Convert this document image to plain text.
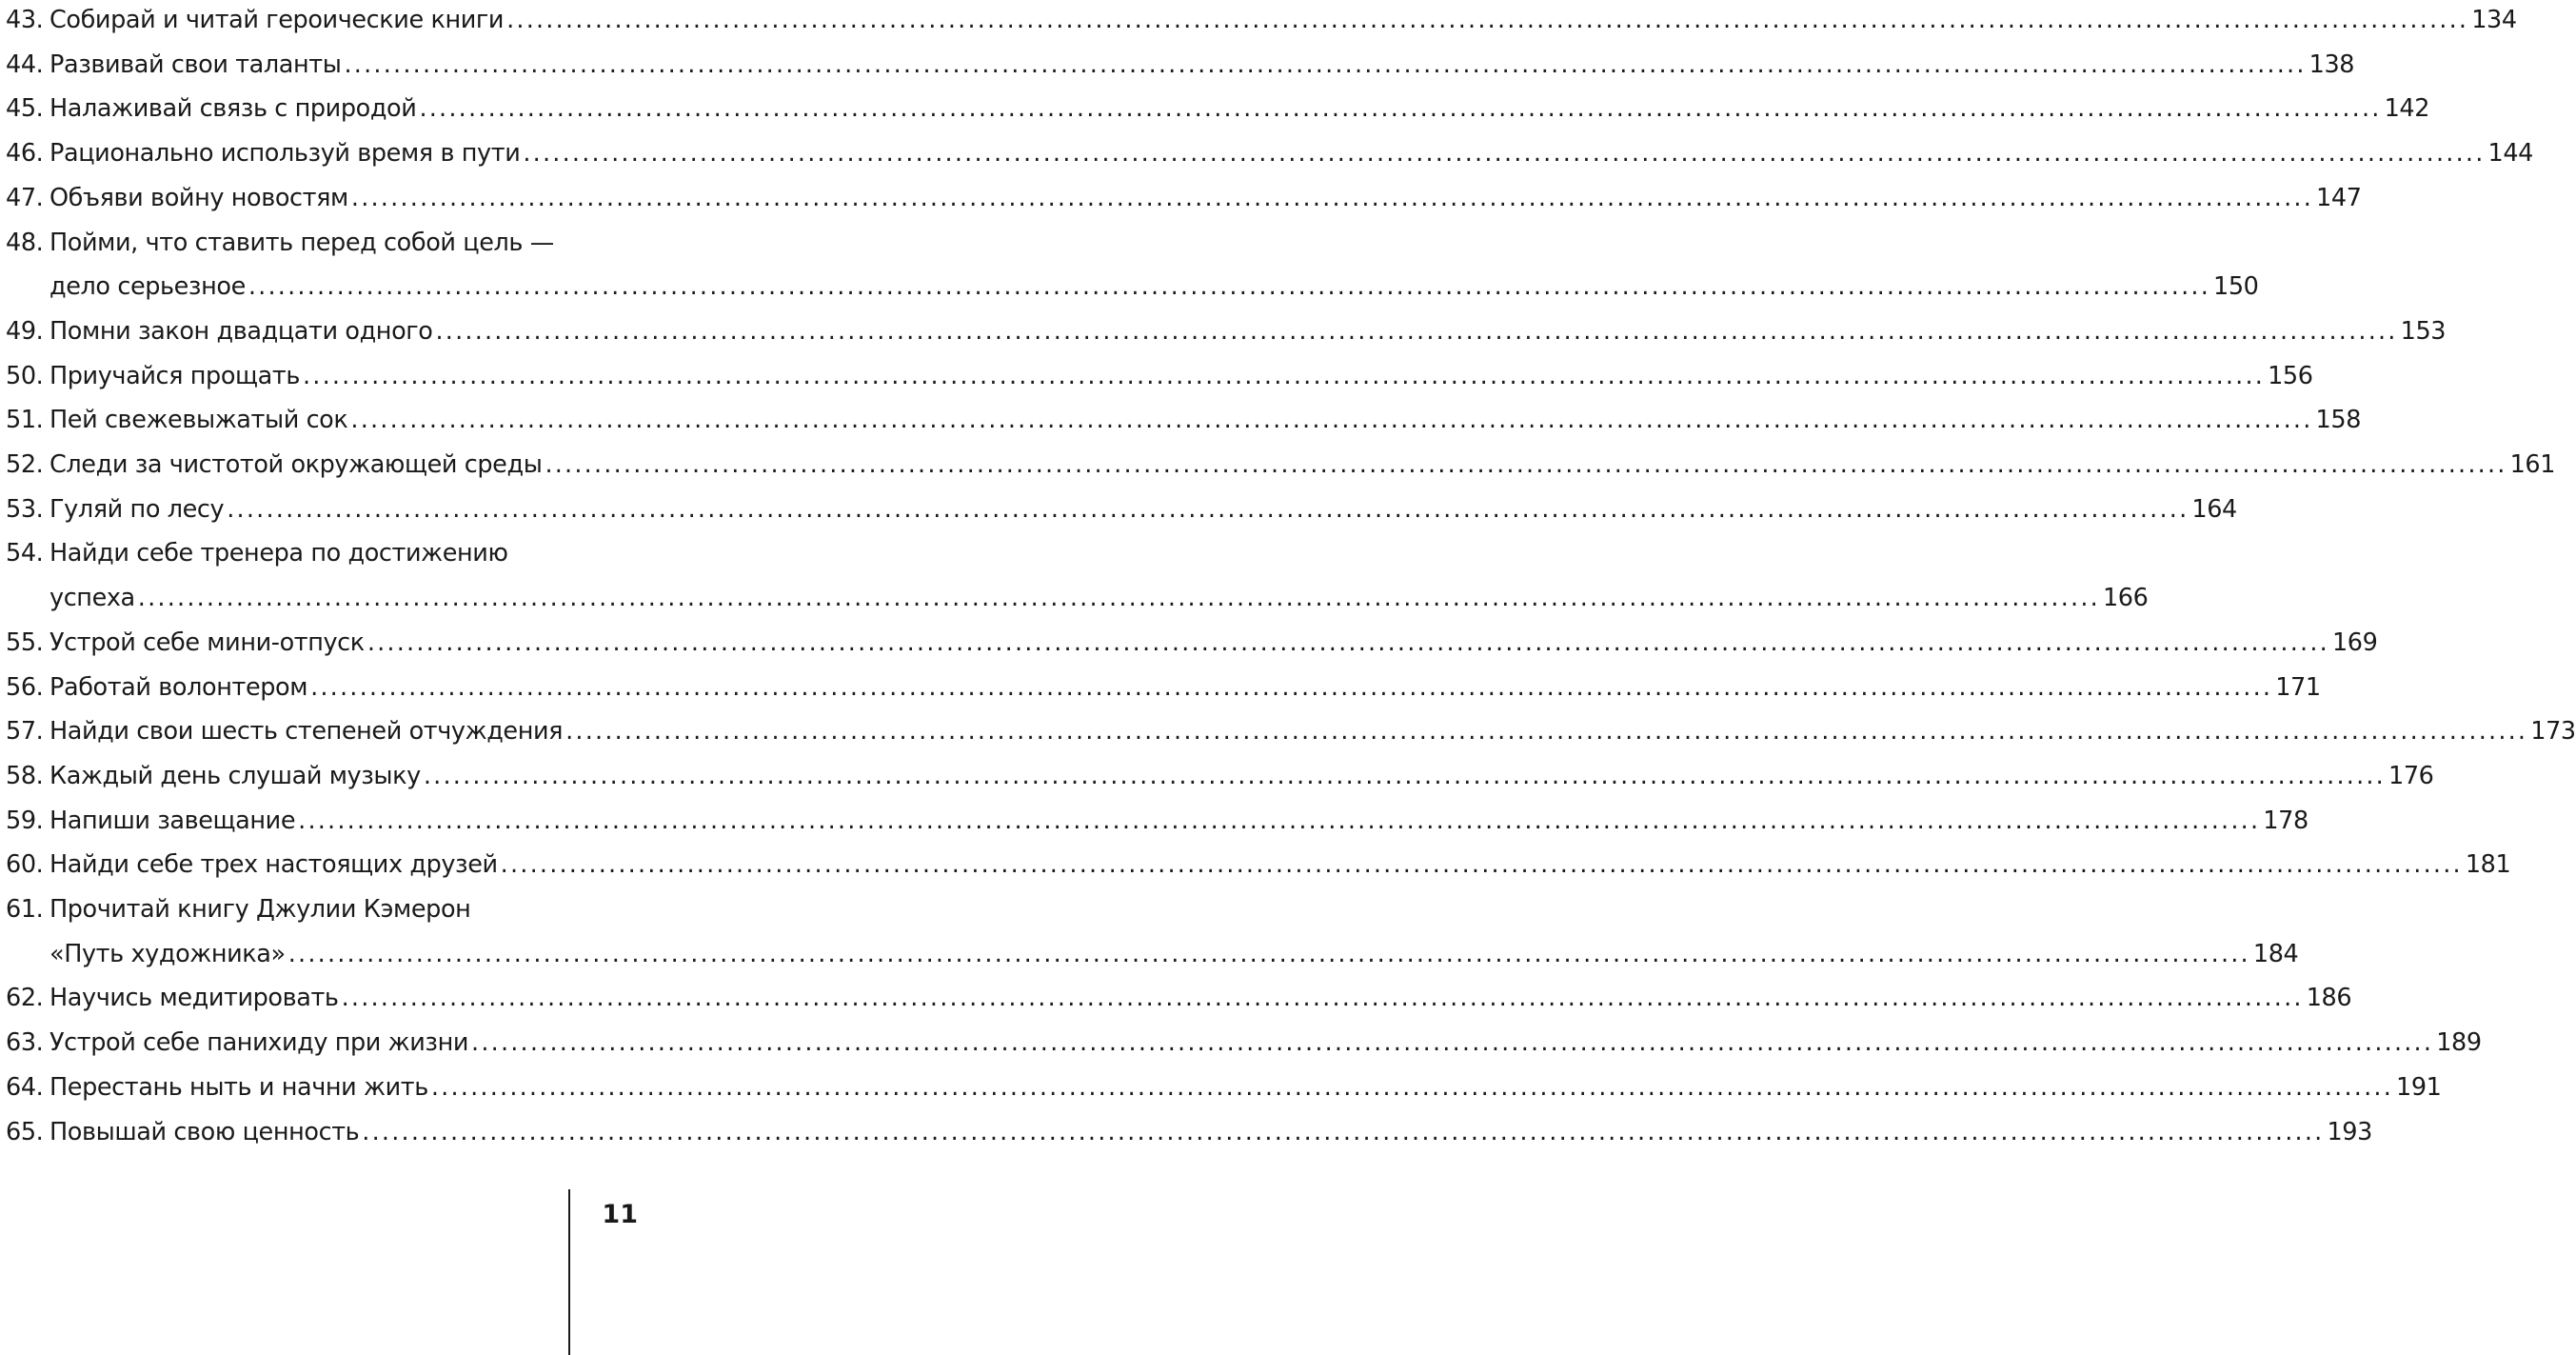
43. Собирай и читай героические книги ........................................................................................................................................................................................................ 134
44. Развивай свои таланты ........................................................................................................................................................................................................ 138
45. Налаживай связь с природой ........................................................................................................................................................................................................ 142
46. Рационально используй время в пути ........................................................................................................................................................................................................ 144
47. Объяви войну новостям ........................................................................................................................................................................................................ 147
48. Пойми, что ставить перед собой цель —
дело серьезное ........................................................................................................................................................................................................ 150
49. Помни закон двадцати одного ........................................................................................................................................................................................................ 153
50. Приучайся прощать ........................................................................................................................................................................................................ 156
51. Пей свежевыжатый сок ........................................................................................................................................................................................................ 158
52. Следи за чистотой окружающей среды ........................................................................................................................................................................................................ 161
53. Гуляй по лесу ........................................................................................................................................................................................................ 164
54. Найди себе тренера по достижению
успеха ........................................................................................................................................................................................................ 166
55. Устрой себе мини-отпуск ........................................................................................................................................................................................................ 169
56. Работай волонтером ........................................................................................................................................................................................................ 171
57. Найди свои шесть степеней отчуждения ........................................................................................................................................................................................................ 173
58. Каждый день слушай музыку ........................................................................................................................................................................................................ 176
59. Напиши завещание ........................................................................................................................................................................................................ 178
60. Найди себе трех настоящих друзей ........................................................................................................................................................................................................ 181
61. Прочитай книгу Джулии Кэмерон
«Путь художника» ........................................................................................................................................................................................................ 184
62. Научись медитировать ........................................................................................................................................................................................................ 186
63. Устрой себе панихиду при жизни ........................................................................................................................................................................................................ 189
64. Перестань ныть и начни жить ........................................................................................................................................................................................................ 191
65. Повышай свою ценность ........................................................................................................................................................................................................ 193
11
